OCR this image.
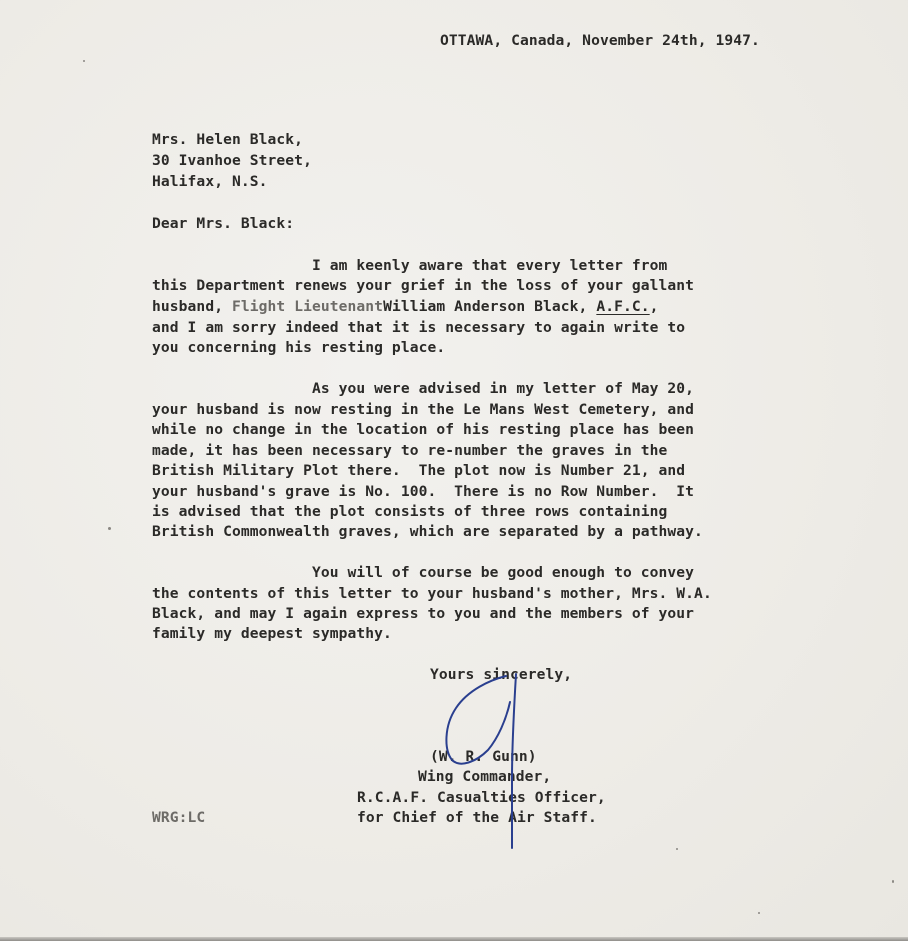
OTTAWA, Canada, November 24th, 1947.
Mrs. Helen Black,
30 Ivanhoe Street,
Halifax, N.S.
Dear Mrs. Black:
I am keenly aware that every letter from
this Department renews your grief in the loss of your gallant
husband, Flight LieutenantWilliam Anderson Black, A.F.C.,
and I am sorry indeed that it is necessary to again write to
you concerning his resting place.
As you were advised in my letter of May 20,
your husband is now resting in the Le Mans West Cemetery, and
while no change in the location of his resting place has been
made, it has been necessary to re-number the graves in the
British Military Plot there.  The plot now is Number 21, and
your husband's grave is No. 100.  There is no Row Number.  It
is advised that the plot consists of three rows containing
British Commonwealth graves, which are separated by a pathway.
You will of course be good enough to convey
the contents of this letter to your husband's mother, Mrs. W.A.
Black, and may I again express to you and the members of your
family my deepest sympathy.
Yours sincerely,
(W. R. Gunn)
Wing Commander,
R.C.A.F. Casualties Officer,
for Chief of the Air Staff.
WRG:LC
